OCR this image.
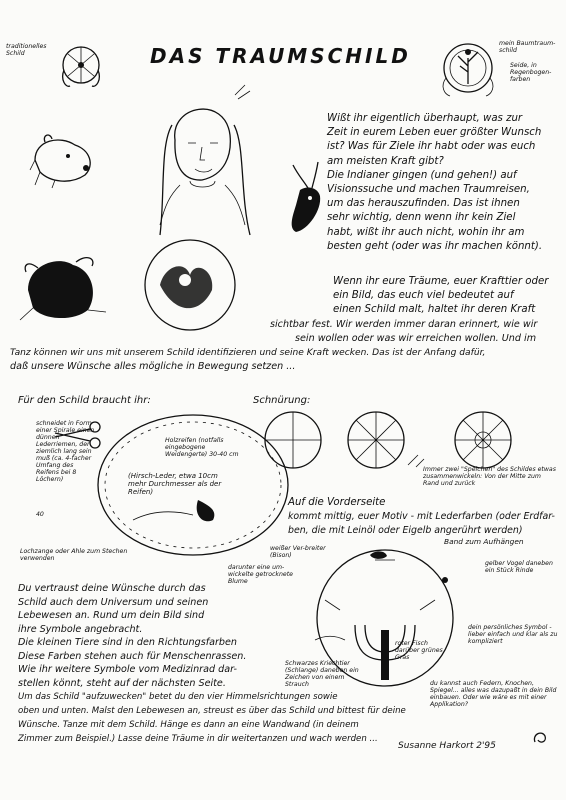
DAS TRAUMSCHILD
traditionelles Schild
mein Baumtraum-schild
Seide, in Regenbogen-farben
Wißt ihr eigentlich überhaupt, was zur
Zeit in eurem Leben euer größter Wunsch
ist? Was für Ziele ihr habt oder was euch
am meisten Kraft gibt?
Die Indianer gingen (und gehen!) auf
Visionssuche und machen Traumreisen,
um das herauszufinden. Das ist ihnen
sehr wichtig, denn wenn ihr kein Ziel
habt, wißt ihr auch nicht, wohin ihr am
besten geht (oder was ihr machen könnt).
Wenn ihr eure Träume, euer Krafttier oder
ein Bild, das euch viel bedeutet auf
einen Schild malt, haltet ihr deren Kraft
sichtbar fest. Wir werden immer daran erinnert, wie wir
sein wollen oder was wir erreichen wollen. Und im
Tanz können wir uns mit unserem Schild identifizieren und seine Kraft wecken. Das ist der Anfang dafür,
daß unsere Wünsche alles mögliche in Bewegung setzen ...
Für den Schild braucht ihr:
schneidet in Form einer Spirale einen dünnen Lederriemen, der ziemlich lang sein muß (ca. 4-facher Umfang des Reifens bei 8 Löchern)
40
Holzreifen (notfalls eingebogene Weidengerte) 30-40 cm
(Hirsch-Leder, etwa 10cm mehr Durchmesser als der Reifen)
Lochzange oder Ahle zum Stechen verwenden
Schnürung:
Immer zwei "Speichen" des Schildes etwas zusammenwickeln: Von der Mitte zum Rand und zurück
Auf die Vorderseite
kommt mittig, euer Motiv - mit Lederfarben (oder Erdfar-
ben, die mit Leinöl oder Eigelb angerührt werden)
weißer Ver-breiter (Bison)
darunter eine um-wickelte getrocknete Blume
Band zum Aufhängen
gelber Vogel daneben ein Stück Rinde
Schwarzes Kriechtier (Schlange) daneben ein Zeichen von einem Strauch
roter Fisch darüber grünes Gras
dein persönliches Symbol - lieber einfach und klar als zu kompliziert
du kannst auch Federn, Knochen, Spiegel... alles was dazupaßt in dein Bild einbauen. Oder wie wäre es mit einer Applikation?
Du vertraust deine Wünsche durch das
Schild auch dem Universum und seinen
Lebewesen an. Rund um dein Bild sind
ihre Symbole angebracht.
Die kleinen Tiere sind in den Richtungsfarben
Diese Farben stehen auch für Menschenrassen.
Wie ihr weitere Symbole vom Medizinrad dar-
stellen könnt, steht auf der nächsten Seite.
Um das Schild "aufzuwecken" betet du den vier Himmelsrichtungen sowie
oben und unten. Malst den Lebewesen an, streust es über das Schild und bittest für deine
Wünsche. Tanze mit dem Schild. Hänge es dann an eine Wandwand (in deinem
Zimmer zum Beispiel.) Lasse deine Träume in dir weitertanzen und wach werden ...
Susanne Harkort 2'95
